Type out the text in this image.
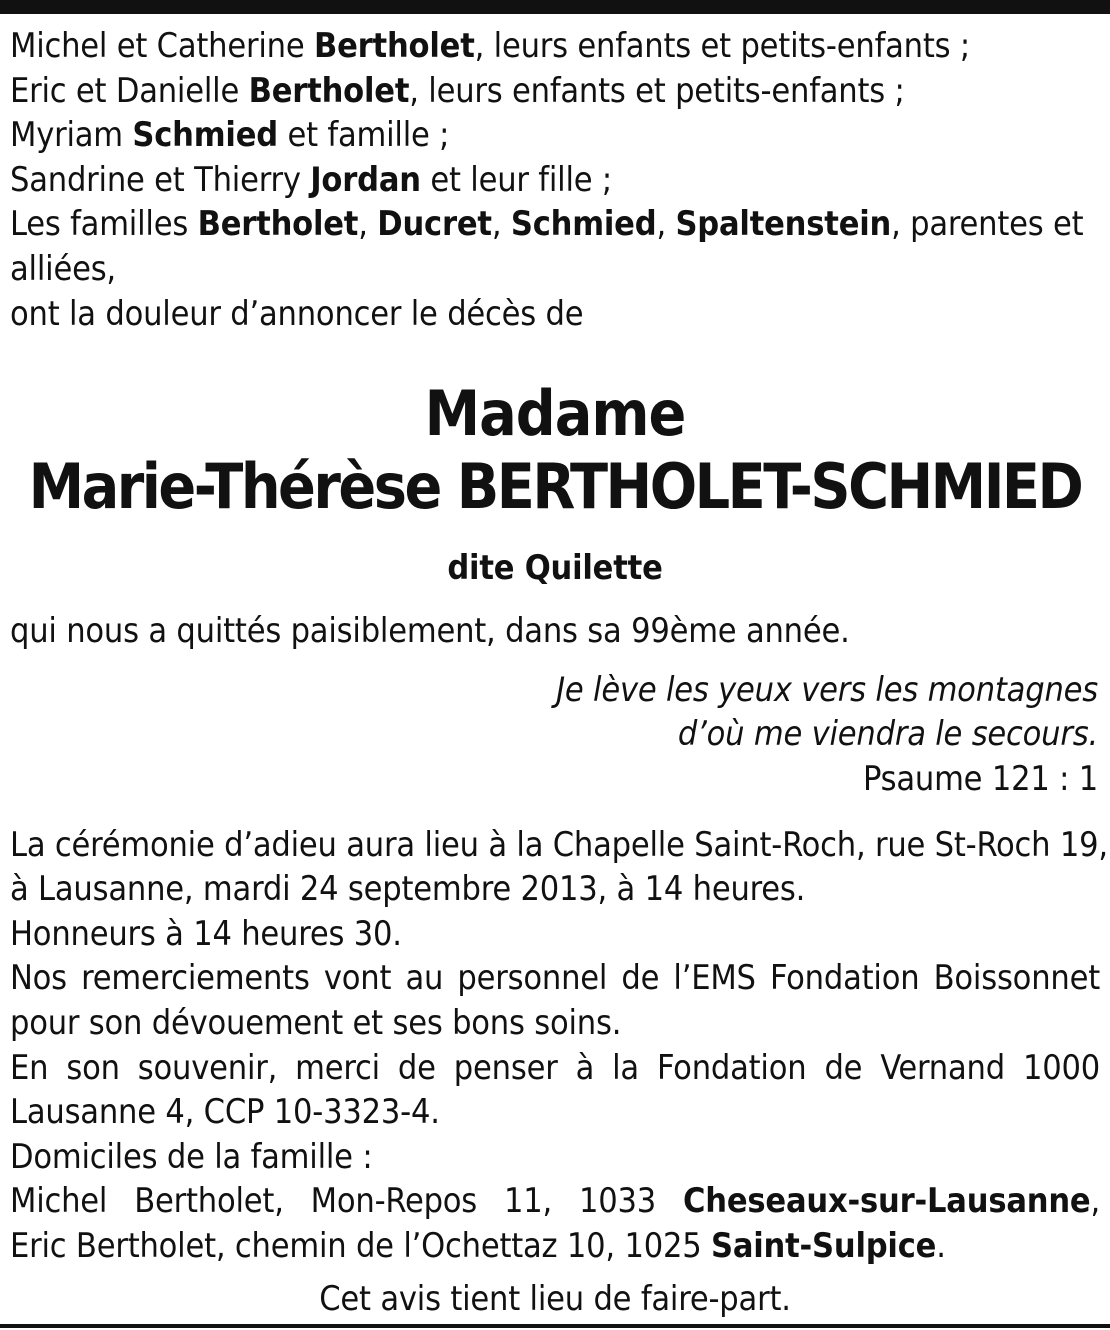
Michel et Catherine Bertholet, leurs enfants et petits-enfants ;
Eric et Danielle Bertholet, leurs enfants et petits-enfants ;
Myriam Schmied et famille ;
Sandrine et Thierry Jordan et leur fille ;
Les familles Bertholet, Ducret, Schmied, Spaltenstein, parentes et alliées,
ont la douleur d’annoncer le décès de
Madame
Marie-Thérèse BERTHOLET-SCHMIED
dite Quilette
qui nous a quittés paisiblement, dans sa 99ème année.
Je lève les yeux vers les montagnes
d’où me viendra le secours.
Psaume 121 : 1
La cérémonie d’adieu aura lieu à la Chapelle Saint-Roch, rue St-Roch 19,
à Lausanne, mardi 24 septembre 2013, à 14 heures.
Honneurs à 14 heures 30.
Nos remerciements vont au personnel de l’EMS Fondation Boissonnet pour son dévouement et ses bons soins.
En son souvenir, merci de penser à la Fondation de Vernand 1000 Lausanne 4, CCP 10-3323-4.
Domiciles de la famille :
Michel Bertholet, Mon-Repos 11, 1033 Cheseaux-sur-Lausanne,
Eric Bertholet, chemin de l’Ochettaz 10, 1025 Saint-Sulpice.
Cet avis tient lieu de faire-part.
